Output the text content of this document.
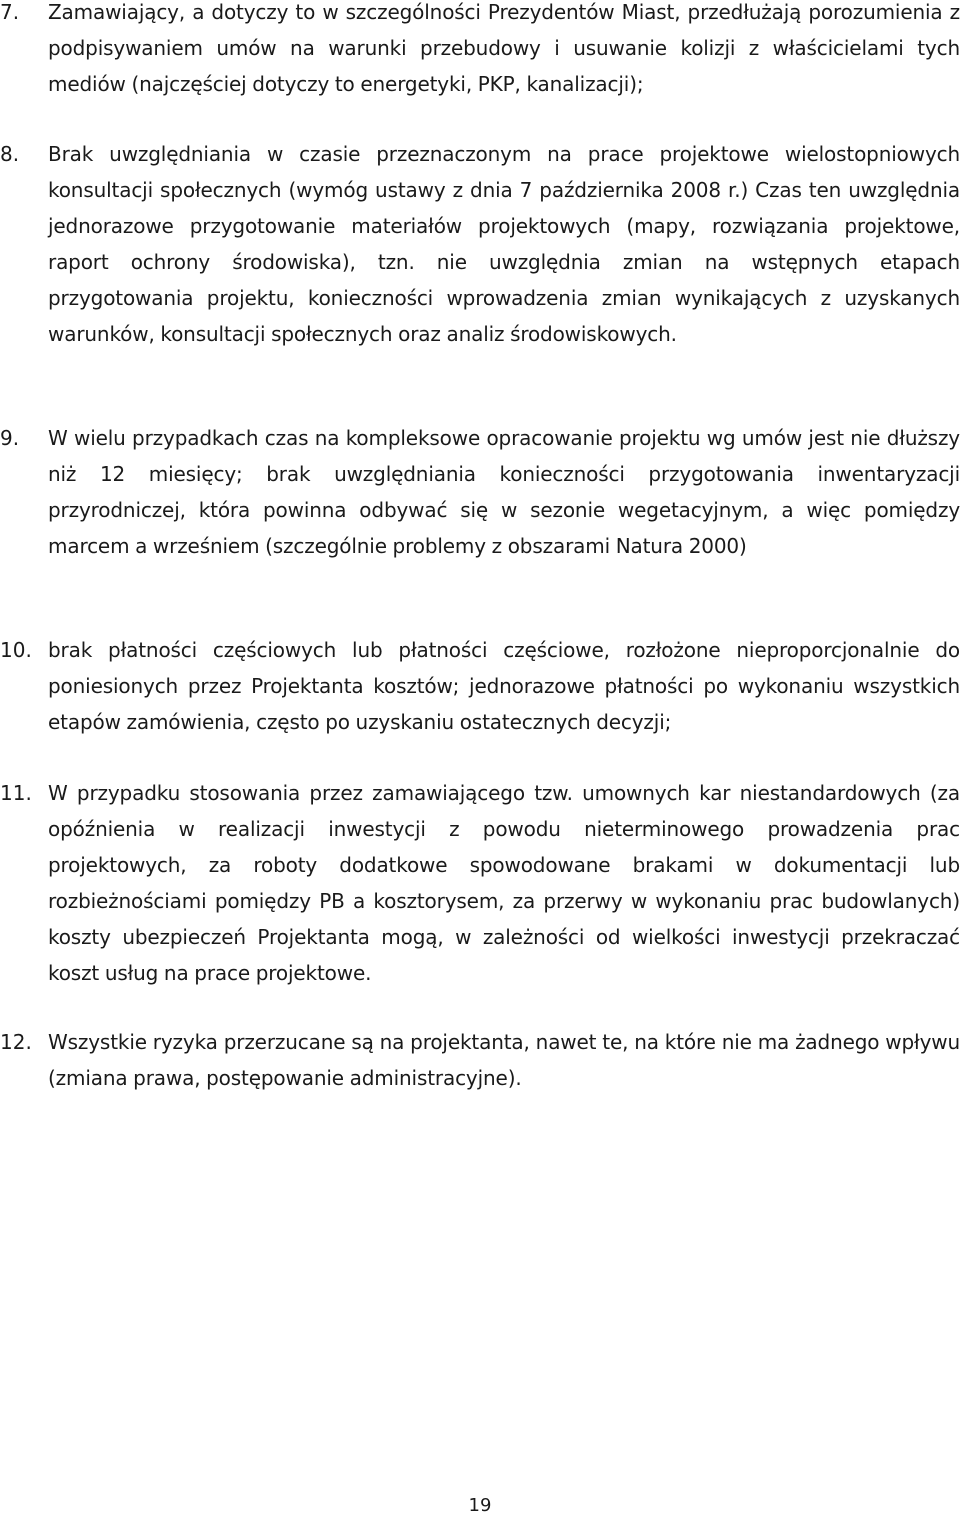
7. Zamawiający, a dotyczy to w szczególności Prezydentów Miast, przedłużają porozumienia z podpisywaniem umów na warunki przebudowy i usuwanie kolizji z właścicielami tych mediów (najczęściej dotyczy to energetyki, PKP, kanalizacji);
8. Brak uwzględniania w czasie przeznaczonym na prace projektowe wielostopniowych konsultacji społecznych (wymóg ustawy z dnia 7 października 2008 r.) Czas ten uwzględnia jednorazowe przygotowanie materiałów projektowych (mapy, rozwiązania projektowe, raport ochrony środowiska), tzn. nie uwzględnia zmian na wstępnych etapach przygotowania projektu, konieczności wprowadzenia zmian wynikających z uzyskanych warunków, konsultacji społecznych oraz analiz środowiskowych.
9. W wielu przypadkach czas na kompleksowe opracowanie projektu wg umów jest nie dłuższy niż 12 miesięcy; brak uwzględniania konieczności przygotowania inwentaryzacji przyrodniczej, która powinna odbywać się w sezonie wegetacyjnym, a więc pomiędzy marcem a wrześniem (szczególnie problemy z obszarami Natura 2000)
10. brak płatności częściowych lub płatności częściowe, rozłożone nieproporcjonalnie do poniesionych przez Projektanta kosztów; jednorazowe płatności po wykonaniu wszystkich etapów zamówienia, często po uzyskaniu ostatecznych decyzji;
11. W przypadku stosowania przez zamawiającego tzw. umownych kar niestandardowych (za opóźnienia w realizacji inwestycji z powodu nieterminowego prowadzenia prac projektowych, za roboty dodatkowe spowodowane brakami w dokumentacji lub rozbieżnościami pomiędzy PB a kosztorysem, za przerwy w wykonaniu prac budowlanych) koszty ubezpieczeń Projektanta mogą, w zależności od wielkości inwestycji przekraczać koszt usług na prace projektowe.
12. Wszystkie ryzyka przerzucane są na projektanta, nawet te, na które nie ma żadnego wpływu (zmiana prawa, postępowanie administracyjne).
19
